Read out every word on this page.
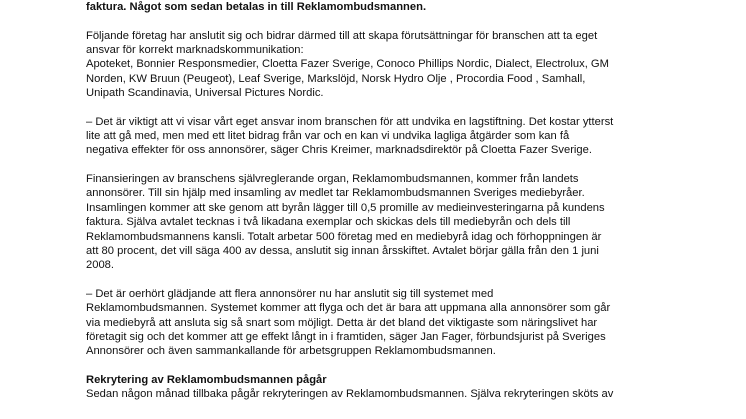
faktura. Något som sedan betalas in till Reklamombudsmannen.
Följande företag har anslutit sig och bidrar därmed till att skapa förutsättningar för branschen att ta eget
ansvar för korrekt marknadskommunikation:
Apoteket, Bonnier Responsmedier, Cloetta Fazer Sverige, Conoco Phillips Nordic, Dialect, Electrolux, GM
Norden, KW Bruun (Peugeot), Leaf Sverige, Markslöjd, Norsk Hydro Olje , Procordia Food , Samhall,
Unipath Scandinavia, Universal Pictures Nordic.
– Det är viktigt att vi visar vårt eget ansvar inom branschen för att undvika en lagstiftning. Det kostar ytterst
lite att gå med, men med ett litet bidrag från var och en kan vi undvika lagliga åtgärder som kan få
negativa effekter för oss annonsörer, säger Chris Kreimer, marknadsdirektör på Cloetta Fazer Sverige.
Finansieringen av branschens självreglerande organ, Reklamombudsmannen, kommer från landets
annonsörer. Till sin hjälp med insamling av medlet tar Reklamombudsmannen Sveriges mediebyråer.
Insamlingen kommer att ske genom att byrån lägger till 0,5 promille av medieinvesteringarna på kundens
faktura. Själva avtalet tecknas i två likadana exemplar och skickas dels till mediebyrån och dels till
Reklamombudsmannens kansli. Totalt arbetar 500 företag med en mediebyrå idag och förhoppningen är
att 80 procent, det vill säga 400 av dessa, anslutit sig innan årsskiftet. Avtalet börjar gälla från den 1 juni
2008.
– Det är oerhört glädjande att flera annonsörer nu har anslutit sig till systemet med
Reklamombudsmannen. Systemet kommer att flyga och det är bara att uppmana alla annonsörer som går
via mediebyrå att ansluta sig så snart som möjligt. Detta är det bland det viktigaste som näringslivet har
företagit sig och det kommer att ge effekt långt in i framtiden, säger Jan Fager, förbundsjurist på Sveriges
Annonsörer och även sammankallande för arbetsgruppen Reklamombudsmannen.
Rekrytering av Reklamombudsmannen pågår
Sedan någon månad tillbaka pågår rekryteringen av Reklamombudsmannen. Själva rekryteringen sköts av
